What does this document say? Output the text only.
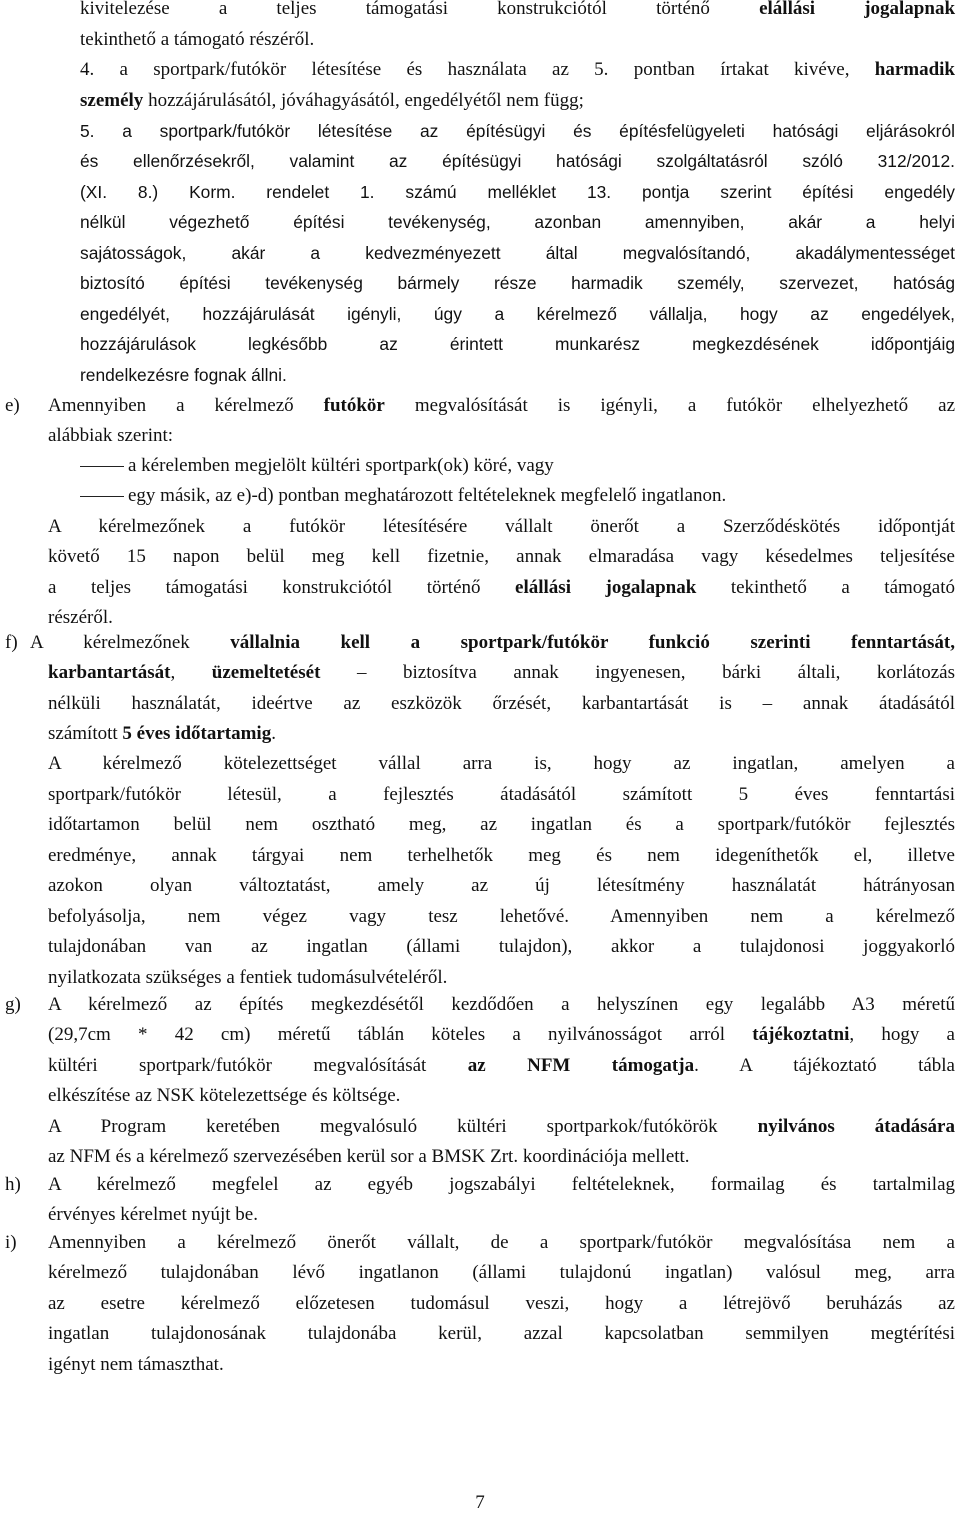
kivitelezése a teljes támogatási konstrukciótól történő elállási jogalapnak
tekinthető a támogató részéről.
4. a sportpark/futókör létesítése és használata az 5. pontban írtakat kivéve, harmadik
személy hozzájárulásától, jóváhagyásától, engedélyétől nem függ;
5. a sportpark/futókör létesítése az építésügyi és építésfelügyeleti hatósági eljárásokról
és ellenőrzésekről, valamint az építésügyi hatósági szolgáltatásról szóló 312/2012.
(XI. 8.) Korm. rendelet 1. számú melléklet 13. pontja szerint építési engedély
nélkül végezhető építési tevékenység, azonban amennyiben, akár a helyi
sajátosságok, akár a kedvezményezett által megvalósítandó, akadálymentességet
biztosító építési tevékenység bármely része harmadik személy, szervezet, hatóság
engedélyét, hozzájárulását igényli, úgy a kérelmező vállalja, hogy az engedélyek,
hozzájárulások legkésőbb az érintett munkarész megkezdésének időpontjáig
rendelkezésre fognak állni.
e) Amennyiben a kérelmező futókör megvalósítását is igényli, a futókör elhelyezhető az
alábbiak szerint:
a kérelemben megjelölt kültéri sportpark(ok) köré, vagy
egy másik, az e)-d) pontban meghatározott feltételeknek megfelelő ingatlanon.
A kérelmezőnek a futókör létesítésére vállalt önerőt a Szerződéskötés időpontját
követő 15 napon belül meg kell fizetnie, annak elmaradása vagy késedelmes teljesítése
a teljes támogatási konstrukciótól történő elállási jogalapnak tekinthető a támogató
részéről.
f) A kérelmezőnek vállalnia kell a sportpark/futókör funkció szerinti fenntartását,
karbantartását, üzemeltetését – biztosítva annak ingyenesen, bárki általi, korlátozás
nélküli használatát, ideértve az eszközök őrzését, karbantartását is – annak átadásától
számított 5 éves időtartamig.
A kérelmező kötelezettséget vállal arra is, hogy az ingatlan, amelyen a
sportpark/futókör létesül, a fejlesztés átadásától számított 5 éves fenntartási
időtartamon belül nem osztható meg, az ingatlan és a sportpark/futókör fejlesztés
eredménye, annak tárgyai nem terhelhetők meg és nem idegeníthetők el, illetve
azokon olyan változtatást, amely az új létesítmény használatát hátrányosan
befolyásolja, nem végez vagy tesz lehetővé. Amennyiben nem a kérelmező
tulajdonában van az ingatlan (állami tulajdon), akkor a tulajdonosi joggyakorló
nyilatkozata szükséges a fentiek tudomásulvételéről.
g) A kérelmező az építés megkezdésétől kezdődően a helyszínen egy legalább A3 méretű
(29,7cm * 42 cm) méretű táblán köteles a nyilvánosságot arról tájékoztatni, hogy a
kültéri sportpark/futókör megvalósítását az NFM támogatja. A tájékoztató tábla
elkészítése az NSK kötelezettsége és költsége.
A Program keretében megvalósuló kültéri sportparkok/futókörök nyilvános átadására
az NFM és a kérelmező szervezésében kerül sor a BMSK Zrt. koordinációja mellett.
h) A kérelmező megfelel az egyéb jogszabályi feltételeknek, formailag és tartalmilag
érvényes kérelmet nyújt be.
i) Amennyiben a kérelmező önerőt vállalt, de a sportpark/futókör megvalósítása nem a
kérelmező tulajdonában lévő ingatlanon (állami tulajdonú ingatlan) valósul meg, arra
az esetre kérelmező előzetesen tudomásul veszi, hogy a létrejövő beruházás az
ingatlan tulajdonosának tulajdonába kerül, azzal kapcsolatban semmilyen megtérítési
igényt nem támaszthat.
7
